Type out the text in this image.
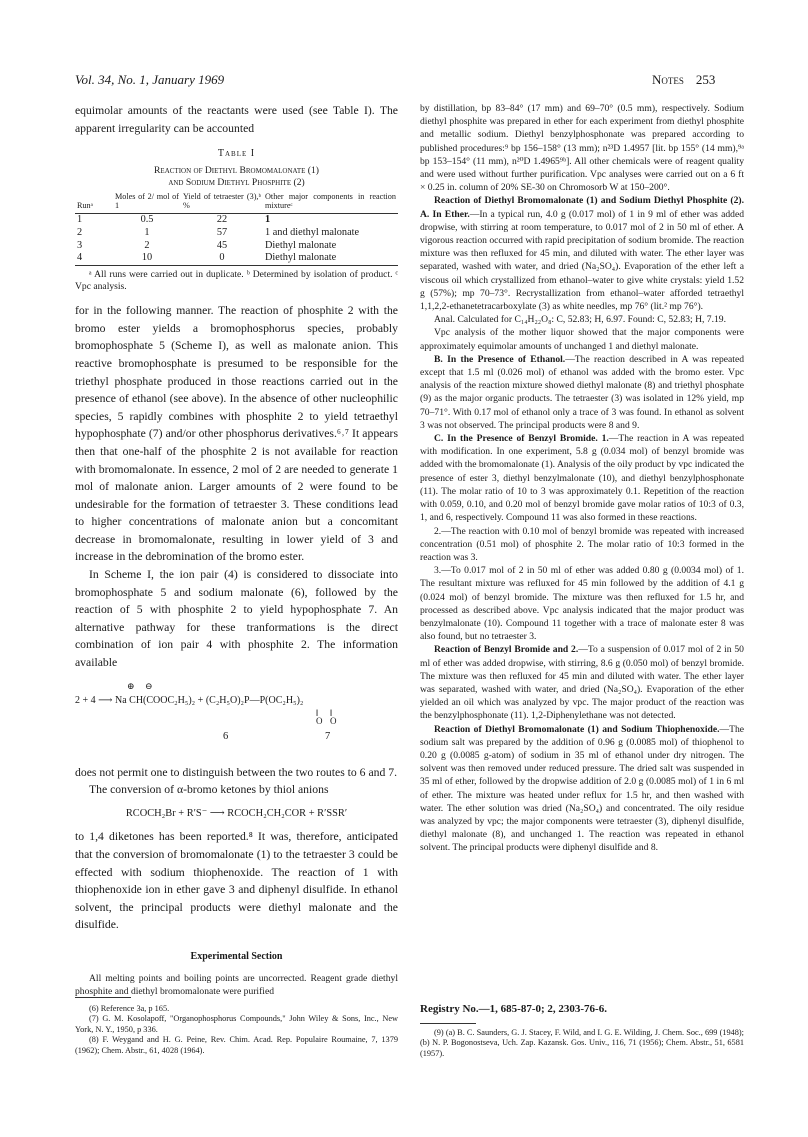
Vol. 34, No. 1, January 1969	Notes 253

equimolar amounts of the reactants were used (see Table I). The apparent irregularity can be accounted

Table I
Reaction of Diethyl Bromomalonate (1)
and Sodium Diethyl Phosphite (2)
Runᵃ	Moles of 2/ mol of 1	Yield of tetraester (3),ᵇ %	Other major components in reaction mixtureᶜ
1	0.5	22	1
2	1	57	1 and diethyl malonate
3	2	45	Diethyl malonate
4	10	0	Diethyl malonate

ᵃ All runs were carried out in duplicate. ᵇ Determined by isolation of product. ᶜ Vpc analysis.

for in the following manner. The reaction of phosphite 2 with the bromo ester yields a bromophosphorus species, probably bromophosphate 5 (Scheme I), as well as malonate anion. This reactive bromophosphate is presumed to be responsible for the triethyl phosphate produced in those reactions carried out in the presence of ethanol (see above). In the absence of other nucleophilic species, 5 rapidly combines with phosphite 2 to yield tetraethyl hypophosphate (7) and/or other phosphorus derivatives.⁶˒⁷ It appears then that one-half of the phosphite 2 is not available for reaction with bromomalonate. In essence, 2 mol of 2 are needed to generate 1 mol of malonate anion. Larger amounts of 2 were found to be undesirable for the formation of tetraester 3. These conditions lead to higher concentrations of malonate anion but a concomitant decrease in bromomalonate, resulting in lower yield of 3 and increase in the debromination of the bromo ester.

In Scheme I, the ion pair (4) is considered to dissociate into bromophosphate 5 and sodium malonate (6), followed by the reaction of 5 with phosphite 2 to yield hypophosphate 7. An alternative pathway for these tranformations is the direct combination of ion pair 4 with phosphite 2. The information available

⊕ ⊖
2 + 4 ⟶ Na CH(COOC₂H₅)₂ + (C₂H₅O)₂P—P(OC₂H₅)₂
‖
O
‖
O
6	7

does not permit one to distinguish between the two routes to 6 and 7.

The conversion of α-bromo ketones by thiol anions

RCOCH₂Br + R′S⁻ ⟶ RCOCH₂CH₂COR + R′SSR′

to 1,4 diketones has been reported.⁸ It was, therefore, anticipated that the conversion of bromomalonate (1) to the tetraester 3 could be effected with sodium thiophenoxide. The reaction of 1 with thiophenoxide ion in ether gave 3 and diphenyl disulfide. In ethanol solvent, the principal products were diethyl malonate and the disulfide.

Experimental Section

All melting points and boiling points are uncorrected. Reagent grade diethyl phosphite and diethyl bromomalonate were purified

by distillation, bp 83–84° (17 mm) and 69–70° (0.5 mm), respectively. Sodium diethyl phosphite was prepared in ether for each experiment from diethyl phosphite and metallic sodium. Diethyl benzylphosphonate was prepared according to published procedures:⁹ bp 156–158° (13 mm); n²³D 1.4957 [lit. bp 155° (14 mm),⁹ᵃ bp 153–154° (11 mm), n²⁰D 1.4965⁹ᵇ]. All other chemicals were of reagent quality and were used without further purification. Vpc analyses were carried out on a 6 ft × 0.25 in. column of 20% SE-30 on Chromosorb W at 150–200°.

Reaction of Diethyl Bromomalonate (1) and Sodium Diethyl Phosphite (2). A. In Ether.—In a typical run, 4.0 g (0.017 mol) of 1 in 9 ml of ether was added dropwise, with stirring at room temperature, to 0.017 mol of 2 in 50 ml of ether. A vigorous reaction occurred with rapid precipitation of sodium bromide. The reaction mixture was then refluxed for 45 min, and diluted with water. The ether layer was separated, washed with water, and dried (Na₂SO₄). Evaporation of the ether left a viscous oil which crystallized from ethanol–water to give white crystals: yield 1.52 g (57%); mp 70–73°. Recrystallization from ethanol–water afforded tetraethyl 1,1,2,2-ethanetetracarboxylate (3) as white needles, mp 76° (lit.² mp 76°).

Anal. Calculated for C₁₄H₂₂O₈: C, 52.83; H, 6.97. Found: C, 52.83; H, 7.19.

Vpc analysis of the mother liquor showed that the major components were approximately equimolar amounts of unchanged 1 and diethyl malonate.

B. In the Presence of Ethanol.—The reaction described in A was repeated except that 1.5 ml (0.026 mol) of ethanol was added with the bromo ester. Vpc analysis of the reaction mixture showed diethyl malonate (8) and triethyl phosphate (9) as the major organic products. The tetraester (3) was isolated in 12% yield, mp 70–71°. With 0.17 mol of ethanol only a trace of 3 was found. In ethanol as solvent 3 was not observed. The principal products were 8 and 9.

C. In the Presence of Benzyl Bromide. 1.—The reaction in A was repeated with modification. In one experiment, 5.8 g (0.034 mol) of benzyl bromide was added with the bromomalonate (1). Analysis of the oily product by vpc indicated the presence of ester 3, diethyl benzylmalonate (10), and diethyl benzylphosphonate (11). The molar ratio of 10 to 3 was approximately 0.1. Repetition of the reaction with 0.059, 0.10, and 0.20 mol of benzyl bromide gave molar ratios of 10:3 of 0.3, 1, and 6, respectively. Compound 11 was also formed in these reactions.

2.—The reaction with 0.10 mol of benzyl bromide was repeated with increased concentration (0.51 mol) of phosphite 2. The molar ratio of 10:3 formed in the reaction was 3.

3.—To 0.017 mol of 2 in 50 ml of ether was added 0.80 g (0.0034 mol) of 1. The resultant mixture was refluxed for 45 min followed by the addition of 4.1 g (0.024 mol) of benzyl bromide. The mixture was then refluxed for 1.5 hr, and processed as described above. Vpc analysis indicated that the major product was benzylmalonate (10). Compound 11 together with a trace of malonate ester 8 was also found, but no tetraester 3.

Reaction of Benzyl Bromide and 2.—To a suspension of 0.017 mol of 2 in 50 ml of ether was added dropwise, with stirring, 8.6 g (0.050 mol) of benzyl bromide. The mixture was then refluxed for 45 min and diluted with water. The ether layer was separated, washed with water, and dried (Na₂SO₄). Evaporation of the ether yielded an oil which was analyzed by vpc. The major product of the reaction was the benzylphosphonate (11). 1,2-Diphenylethane was not detected.

Reaction of Diethyl Bromomalonate (1) and Sodium Thiophenoxide.—The sodium salt was prepared by the addition of 0.96 g (0.0085 mol) of thiophenol to 0.20 g (0.0085 g-atom) of sodium in 35 ml of ethanol under dry nitrogen. The solvent was then removed under reduced pressure. The dried salt was suspended in 35 ml of ether, followed by the dropwise addition of 2.0 g (0.0085 mol) of 1 in 6 ml of ether. The mixture was heated under reflux for 1.5 hr, and then washed with water. The ether solution was dried (Na₂SO₄) and concentrated. The oily residue was analyzed by vpc; the major components were tetraester (3), diphenyl disulfide, diethyl malonate (8), and unchanged 1. The reaction was repeated in ethanol solvent. The principal products were diphenyl disulfide and 8.

(6) Reference 3a, p 165.

(7) G. M. Kosolapoff, "Organophosphorus Compounds," John Wiley & Sons, Inc., New York, N. Y., 1950, p 336.

(8) F. Weygand and H. G. Peine, Rev. Chim. Acad. Rep. Populaire Roumaine, 7, 1379 (1962); Chem. Abstr., 61, 4028 (1964).

Registry No.—1, 685-87-0; 2, 2303-76-6.

(9) (a) B. C. Saunders, G. J. Stacey, F. Wild, and I. G. E. Wilding, J. Chem. Soc., 699 (1948); (b) N. P. Bogonostseva, Uch. Zap. Kazansk. Gos. Univ., 116, 71 (1956); Chem. Abstr., 51, 6581 (1957).
